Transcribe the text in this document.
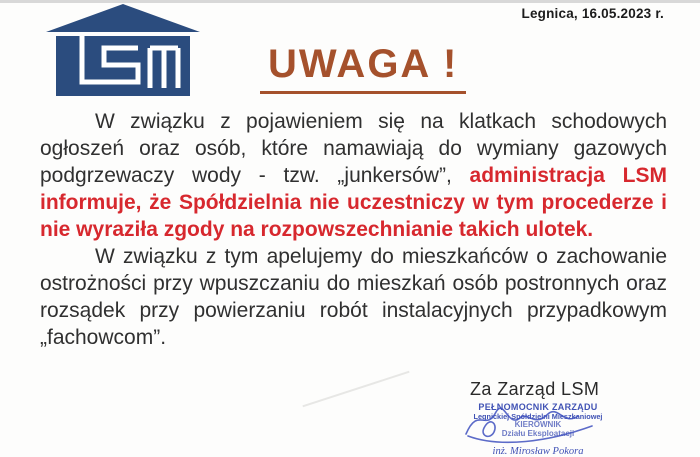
Legnica, 16.05.2023 r.
UWAGA !

W związku z pojawieniem się na klatkach schodowych ogłoszeń oraz osób, które namawiają do wymiany gazowych podgrzewaczy wody - tzw. „junkersów”, administracja LSM informuje, że Spółdzielnia nie uczestniczy w tym procederze i nie wyraziła zgody na rozpowszechnianie takich ulotek.

W związku z tym apelujemy do mieszkańców o zachowanie ostrożności przy wpuszczaniu do mieszkań osób postronnych oraz rozsądek przy powierzaniu robót instalacyjnych przypadkowym „fachowcom”.

Za Zarząd LSM
PEŁNOMOCNIK ZARZĄDU
Legnickiej Spółdzielni Mieszkaniowej
KIEROWNIK
Działu Eksploatacji
inż. Mirosław Pokora
